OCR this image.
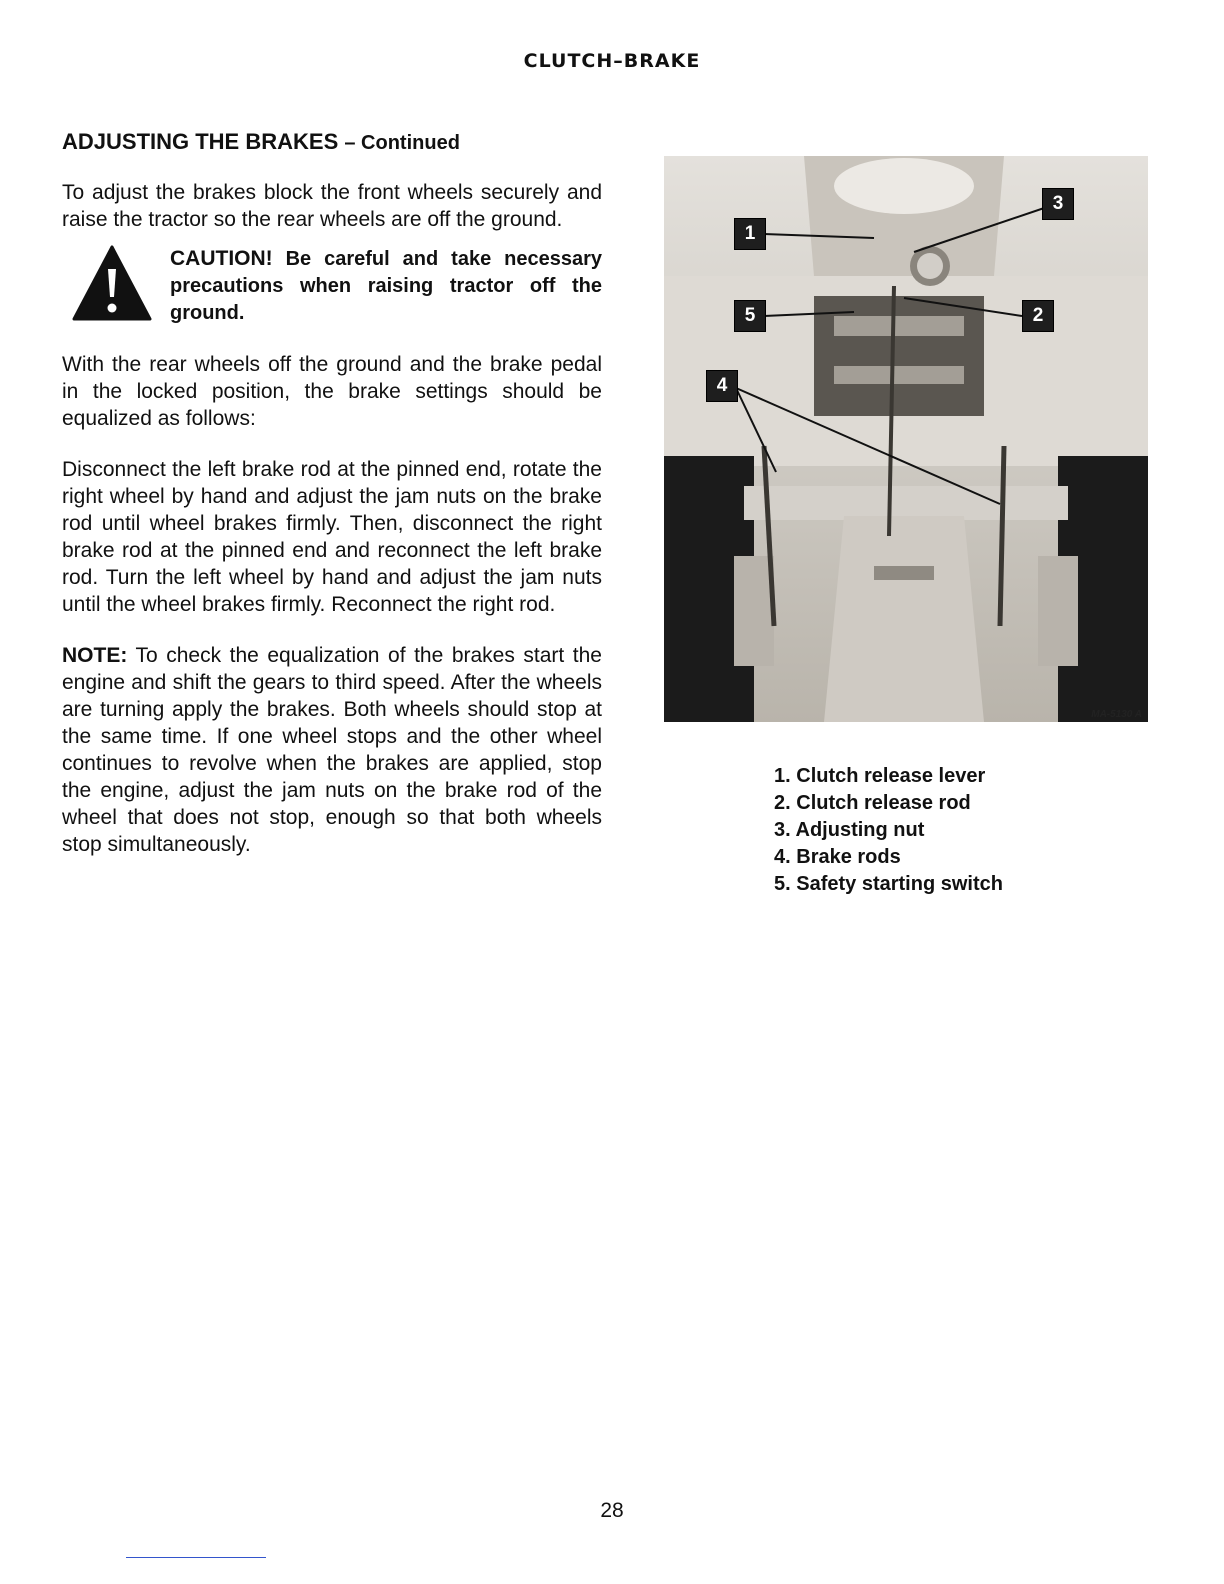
CLUTCH–BRAKE
ADJUSTING THE BRAKES – Continued

To adjust the brakes block the front wheels securely and raise the tractor so the rear wheels are off the ground.

CAUTION! Be careful and take necessary precautions when raising tractor off the ground.

With the rear wheels off the ground and the brake pedal in the locked position, the brake settings should be equalized as follows:

Disconnect the left brake rod at the pinned end, rotate the right wheel by hand and adjust the jam nuts on the brake rod until wheel brakes firmly. Then, disconnect the right brake rod at the pinned end and reconnect the left brake rod. Turn the left wheel by hand and adjust the jam nuts until the wheel brakes firmly. Reconnect the right rod.

NOTE: To check the equalization of the brakes start the engine and shift the gears to third speed. After the wheels are turning apply the brakes. Both wheels should stop at the same time. If one wheel stops and the other wheel continues to revolve when the brakes are applied, stop the engine, adjust the jam nuts on the brake rod of the wheel that does not stop, enough so that both wheels stop simultaneously.

1
2
3
4
5
MA-5130 A
1. Clutch release lever
2. Clutch release rod
3. Adjusting nut
4. Brake rods
5. Safety starting switch
28
